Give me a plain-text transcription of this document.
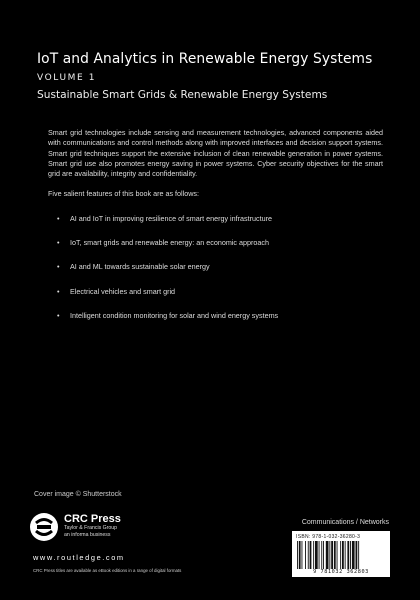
IoT and Analytics in Renewable Energy Systems
VOLUME 1
Sustainable Smart Grids & Renewable Energy Systems

Smart grid technologies include sensing and measurement technologies, advanced components aided with communications and control methods along with improved interfaces and decision support systems. Smart grid techniques support the extensive inclusion of clean renewable generation in power systems. Smart grid use also promotes energy saving in power systems. Cyber security objectives for the smart grid are availability, integrity and confidentiality.

Five salient features of this book are as follows:

• AI and IoT in improving resilience of smart energy infrastructure
• IoT, smart grids and renewable energy: an economic approach
• AI and ML towards sustainable solar energy
• Electrical vehicles and smart grid
• Intelligent condition monitoring for solar and wind energy systems
Cover image © Shutterstock
CRC Press
Taylor & Francis Group
an informa business
www.routledge.com
CRC Press titles are available as eBook editions in a range of digital formats
Communications / Networks
ISBN: 978-1-032-36280-3
9 781032 362803
